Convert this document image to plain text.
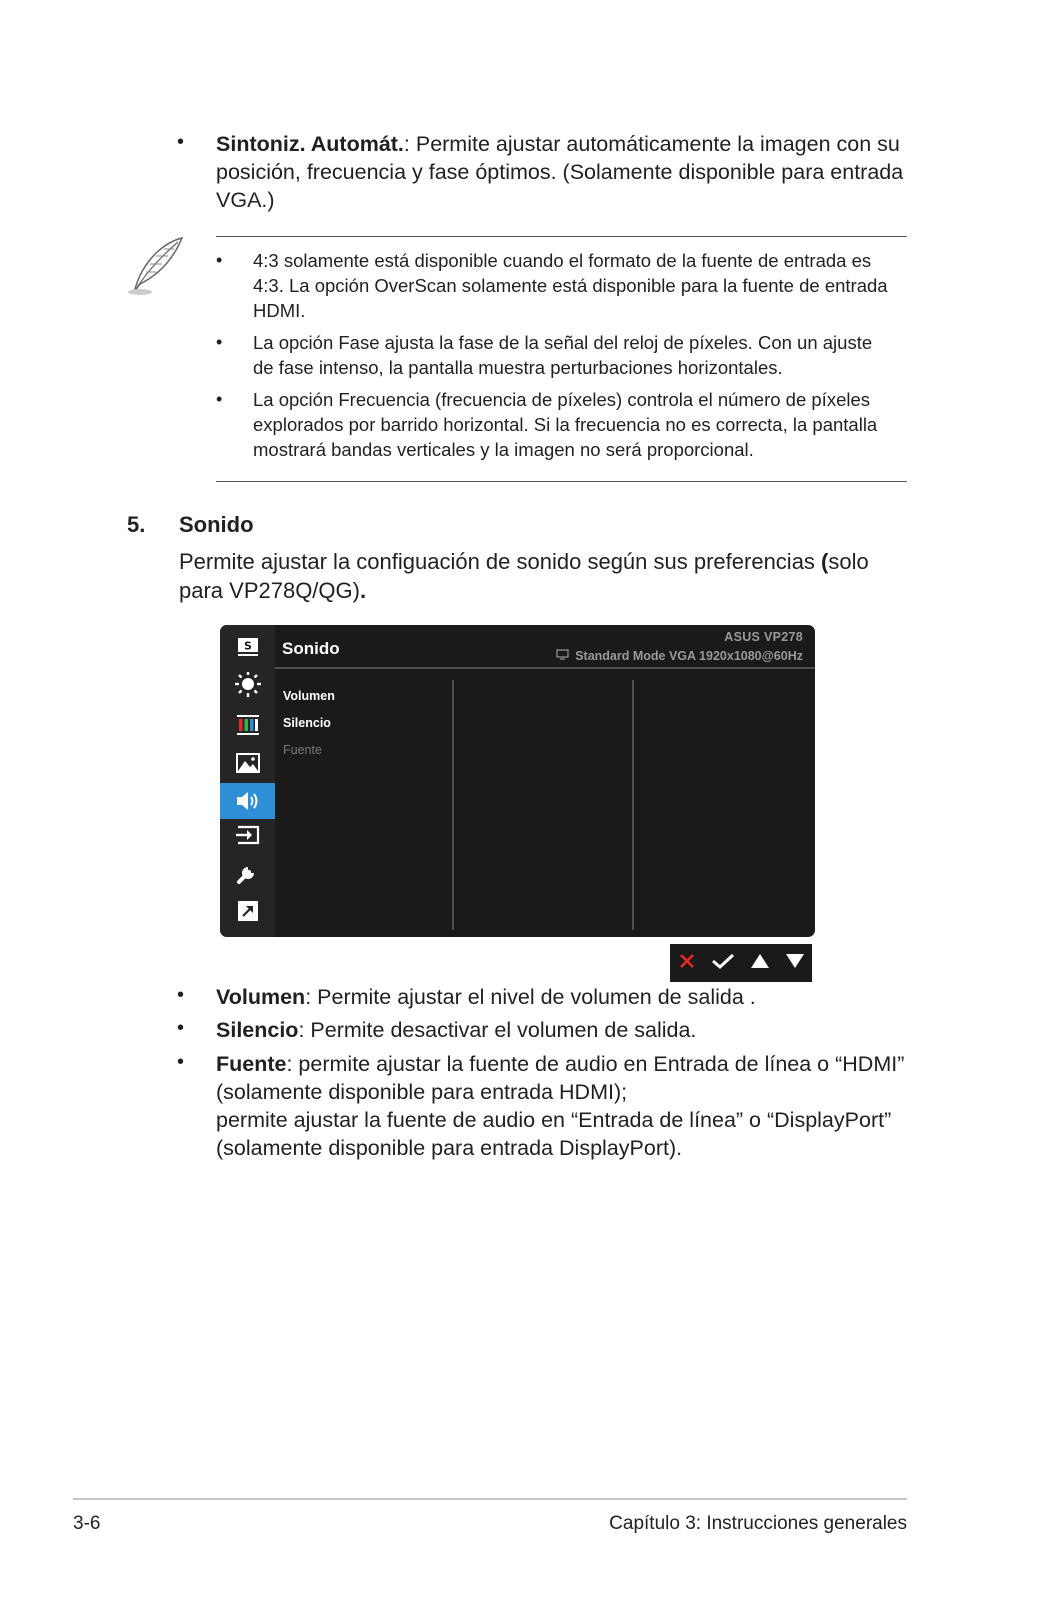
• Sintoniz. Automát.: Permite ajustar automáticamente la imagen con su
posición, frecuencia y fase óptimos. (Solamente disponible para entrada
VGA.)
• 4:3 solamente está disponible cuando el formato de la fuente de entrada es
4:3. La opción OverScan solamente está disponible para la fuente de entrada
HDMI.
• La opción Fase ajusta la fase de la señal del reloj de píxeles. Con un ajuste
de fase intenso, la pantalla muestra perturbaciones horizontales.
• La opción Frecuencia (frecuencia de píxeles) controla el número de píxeles
explorados por barrido horizontal. Si la frecuencia no es correcta, la pantalla
mostrará bandas verticales y la imagen no será proporcional.
5. Sonido
Permite ajustar la configuación de sonido según sus preferencias (solo
para VP278Q/QG).
S Sonido
ASUS VP278
Standard Mode VGA 1920x1080@60Hz
Volumen
Silencio
Fuente
• Volumen: Permite ajustar el nivel de volumen de salida .
• Silencio: Permite desactivar el volumen de salida.
• Fuente: permite ajustar la fuente de audio en Entrada de línea o “HDMI”
(solamente disponible para entrada HDMI);
permite ajustar la fuente de audio en “Entrada de línea” o “DisplayPort”
(solamente disponible para entrada DisplayPort).
3-6	Capítulo 3: Instrucciones generales
